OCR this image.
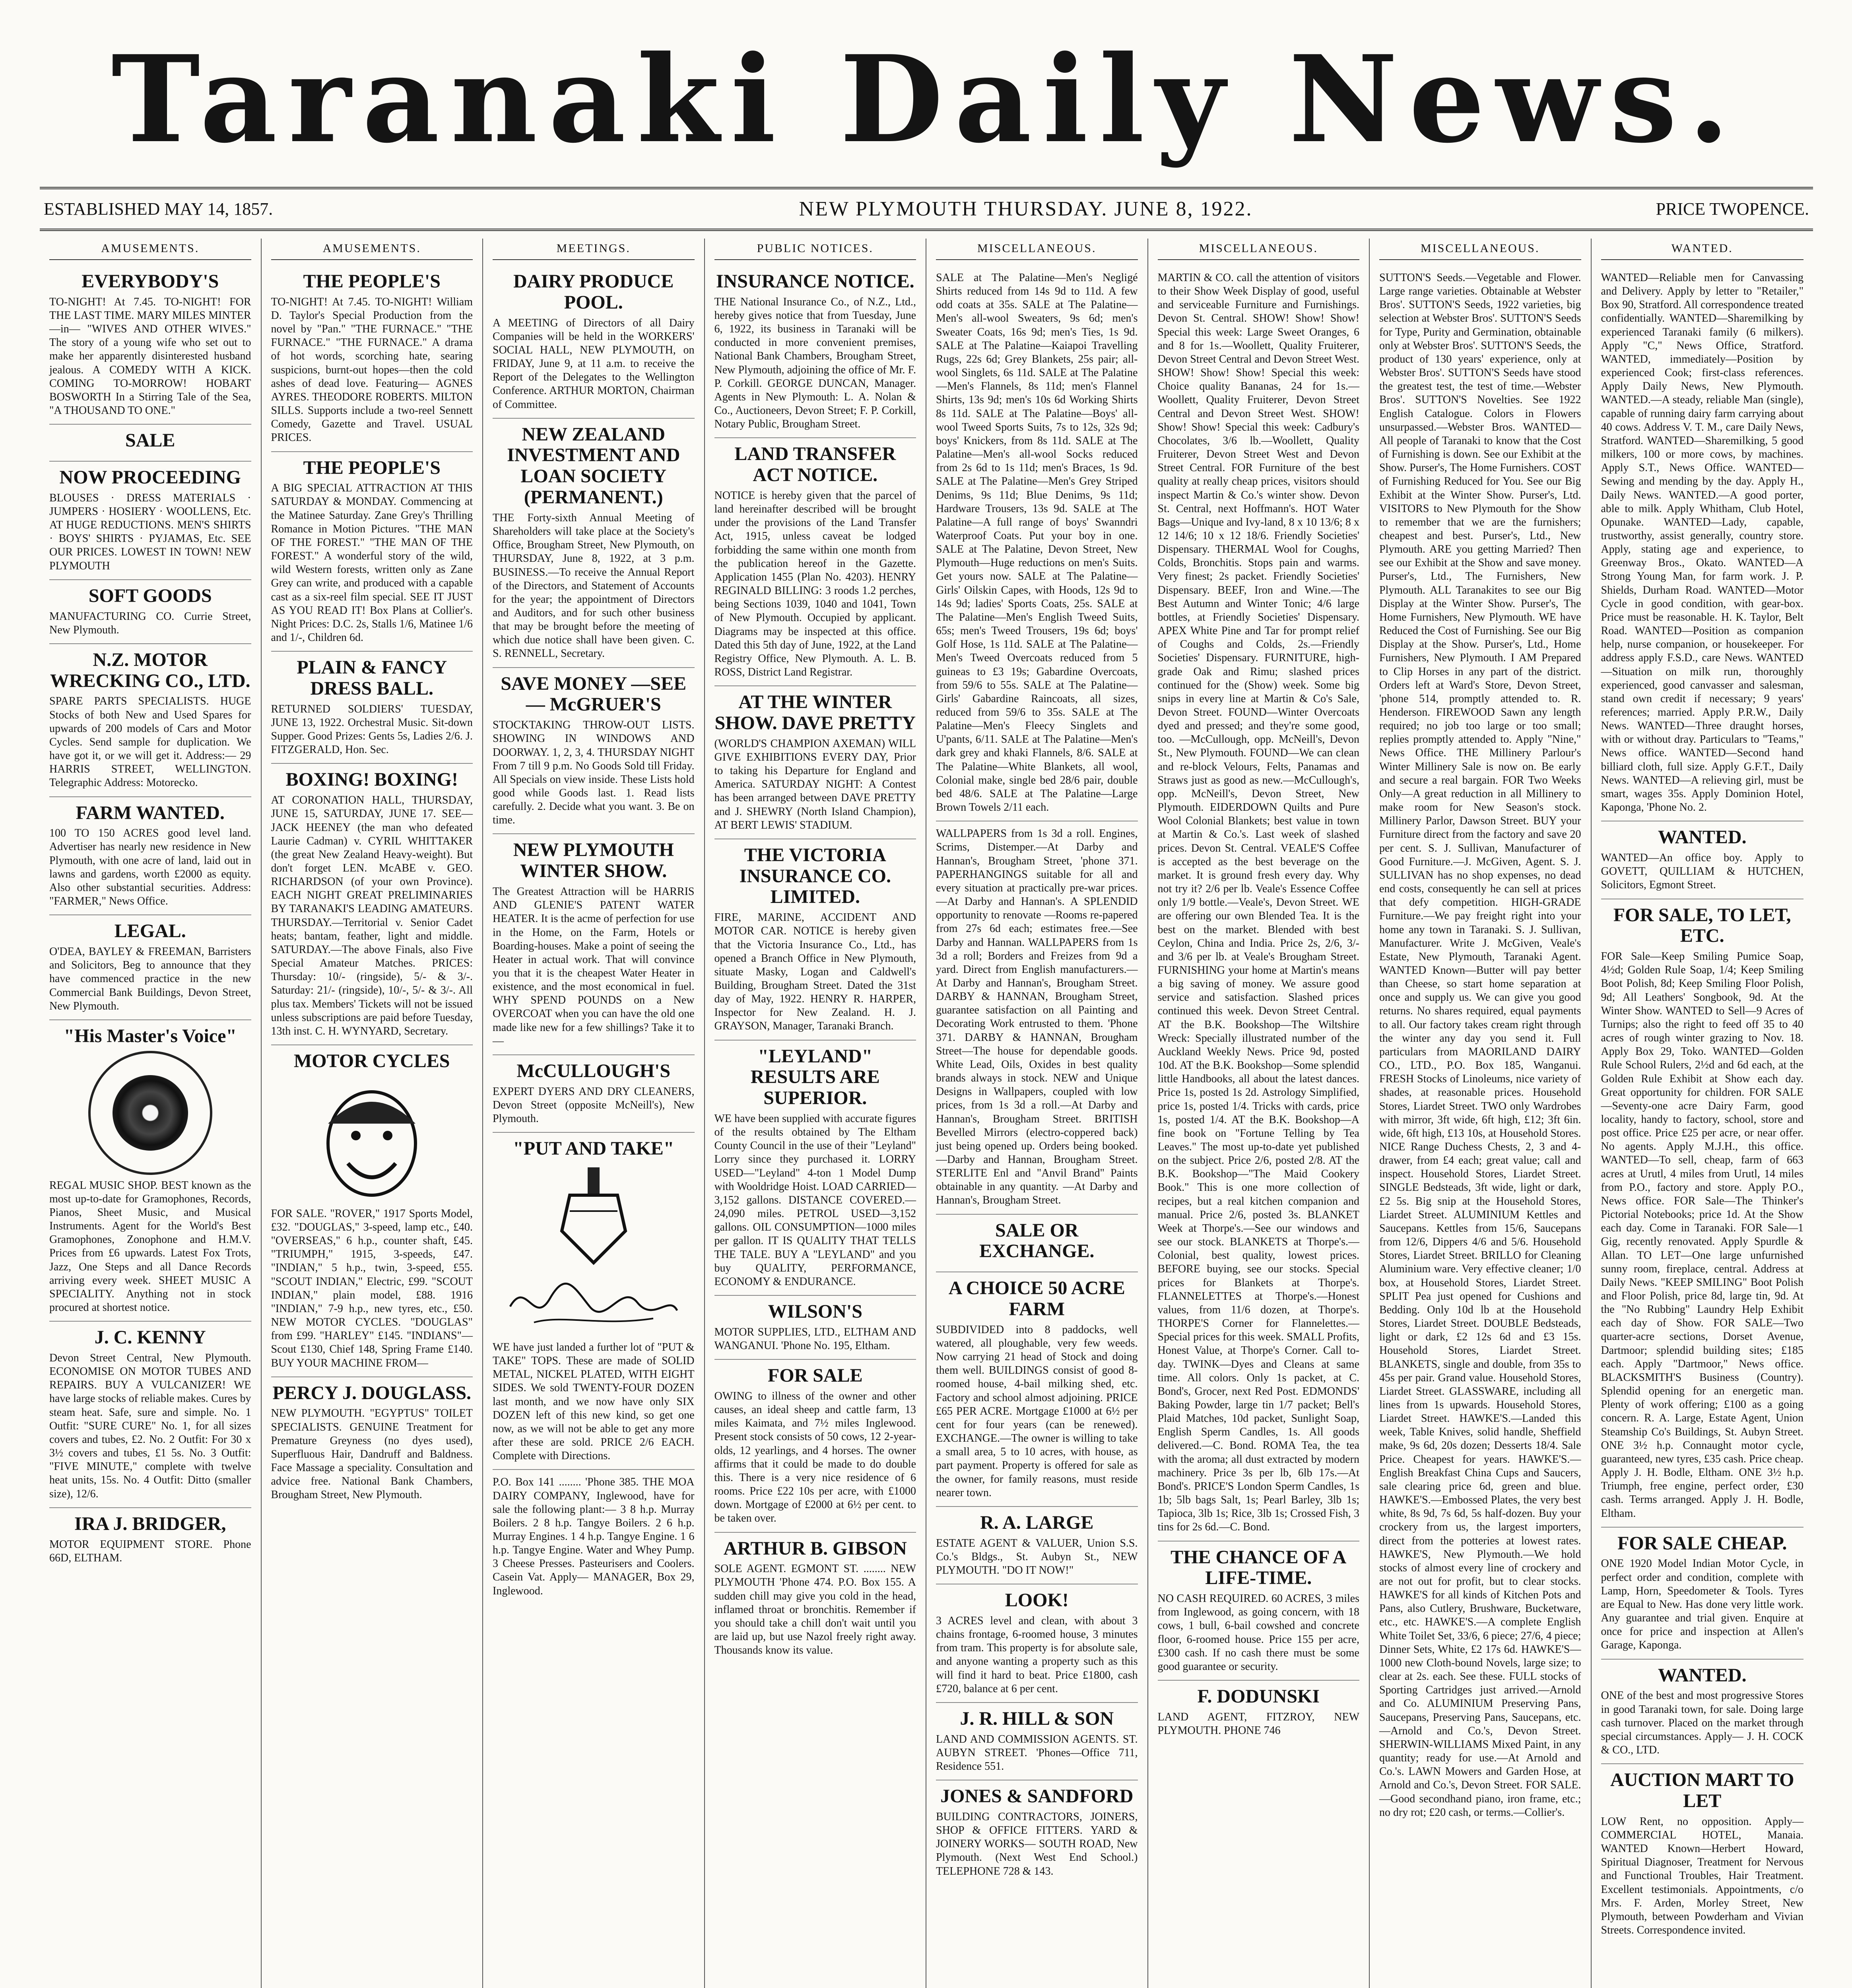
Taranaki Daily News.
ESTABLISHED MAY 14, 1857.	NEW PLYMOUTH THURSDAY. JUNE 8, 1922.	PRICE TWOPENCE.
AMUSEMENTS.
EVERYBODY'S
TO-NIGHT! At 7.45. TO-NIGHT! FOR THE LAST TIME. MARY MILES MINTER —in— "WIVES AND OTHER WIVES." The story of a young wife who set out to make her apparently disinterested husband jealous. A COMEDY WITH A KICK. COMING TO-MORROW! HOBART BOSWORTH In a Stirring Tale of the Sea, "A THOUSAND TO ONE."
SALE
NOW PROCEEDING
BLOUSES · DRESS MATERIALS · JUMPERS · HOSIERY · WOOLLENS, Etc. AT HUGE REDUCTIONS. MEN'S SHIRTS · BOYS' SHIRTS · PYJAMAS, Etc. SEE OUR PRICES. LOWEST IN TOWN! NEW PLYMOUTH
SOFT GOODS
MANUFACTURING CO. Currie Street, New Plymouth.
N.Z. MOTOR WRECKING CO., LTD.
SPARE PARTS SPECIALISTS. HUGE Stocks of both New and Used Spares for upwards of 200 models of Cars and Motor Cycles. Send sample for duplication. We have got it, or we will get it. Address:— 29 HARRIS STREET, WELLINGTON. Telegraphic Address: Motorecko.
FARM WANTED.
100 TO 150 ACRES good level land. Advertiser has nearly new residence in New Plymouth, with one acre of land, laid out in lawns and gardens, worth £2000 as equity. Also other substantial securities. Address: "FARMER," News Office.
LEGAL.
O'DEA, BAYLEY & FREEMAN, Barristers and Solicitors, Beg to announce that they have commenced practice in the new Commercial Bank Buildings, Devon Street, New Plymouth.
"His Master's Voice"
REGAL MUSIC SHOP. BEST known as the most up-to-date for Gramophones, Records, Pianos, Sheet Music, and Musical Instruments. Agent for the World's Best Gramophones, Zonophone and H.M.V. Prices from £6 upwards. Latest Fox Trots, Jazz, One Steps and all Dance Records arriving every week. SHEET MUSIC A SPECIALITY. Anything not in stock procured at shortest notice.
J. C. KENNY
Devon Street Central, New Plymouth. ECONOMISE ON MOTOR TUBES AND REPAIRS. BUY A VULCANIZER! WE have large stocks of reliable makes. Cures by steam heat. Safe, sure and simple. No. 1 Outfit: "SURE CURE" No. 1, for all sizes covers and tubes, £2. No. 2 Outfit: For 30 x 3½ covers and tubes, £1 5s. No. 3 Outfit: "FIVE MINUTE," complete with twelve heat units, 15s. No. 4 Outfit: Ditto (smaller size), 12/6.
IRA J. BRIDGER,
MOTOR EQUIPMENT STORE. Phone 66D, ELTHAM.
AMUSEMENTS.
THE PEOPLE'S
TO-NIGHT! At 7.45. TO-NIGHT! William D. Taylor's Special Production from the novel by "Pan." "THE FURNACE." "THE FURNACE." "THE FURNACE." A drama of hot words, scorching hate, searing suspicions, burnt-out hopes—then the cold ashes of dead love. Featuring— AGNES AYRES. THEODORE ROBERTS. MILTON SILLS. Supports include a two-reel Sennett Comedy, Gazette and Travel. USUAL PRICES.
THE PEOPLE'S
A BIG SPECIAL ATTRACTION AT THIS SATURDAY & MONDAY. Commencing at the Matinee Saturday. Zane Grey's Thrilling Romance in Motion Pictures. "THE MAN OF THE FOREST." "THE MAN OF THE FOREST." A wonderful story of the wild, wild Western forests, written only as Zane Grey can write, and produced with a capable cast as a six-reel film special. SEE IT JUST AS YOU READ IT! Box Plans at Collier's. Night Prices: D.C. 2s, Stalls 1/6, Matinee 1/6 and 1/-, Children 6d.
PLAIN & FANCY DRESS BALL.
RETURNED SOLDIERS' TUESDAY, JUNE 13, 1922. Orchestral Music. Sit-down Supper. Good Prizes: Gents 5s, Ladies 2/6. J. FITZGERALD, Hon. Sec.
BOXING! BOXING!
AT CORONATION HALL, THURSDAY, JUNE 15, SATURDAY, JUNE 17. SEE— JACK HEENEY (the man who defeated Laurie Cadman) v. CYRIL WHITTAKER (the great New Zealand Heavy-weight). But don't forget LEN. McABE v. GEO. RICHARDSON (of your own Province). EACH NIGHT GREAT PRELIMINARIES BY TARANAKI'S LEADING AMATEURS. THURSDAY.—Territorial v. Senior Cadet heats; bantam, feather, light and middle. SATURDAY.—The above Finals, also Five Special Amateur Matches. PRICES: Thursday: 10/- (ringside), 5/- & 3/-. Saturday: 21/- (ringside), 10/-, 5/- & 3/-. All plus tax. Members' Tickets will not be issued unless subscriptions are paid before Tuesday, 13th inst. C. H. WYNYARD, Secretary.
MOTOR CYCLES
FOR SALE. "ROVER," 1917 Sports Model, £32. "DOUGLAS," 3-speed, lamp etc., £40. "OVERSEAS," 6 h.p., counter shaft, £45. "TRIUMPH," 1915, 3-speeds, £47. "INDIAN," 5 h.p., twin, 3-speed, £55. "SCOUT INDIAN," Electric, £99. "SCOUT INDIAN," plain model, £88. 1916 "INDIAN," 7-9 h.p., new tyres, etc., £50. NEW MOTOR CYCLES. "DOUGLAS" from £99. "HARLEY" £145. "INDIANS"—Scout £130, Chief 148, Spring Frame £140. BUY YOUR MACHINE FROM—
PERCY J. DOUGLASS.
NEW PLYMOUTH. "EGYPTUS" TOILET SPECIALISTS. GENUINE Treatment for Premature Greyness (no dyes used), Superfluous Hair, Dandruff and Baldness. Face Massage a speciality. Consultation and advice free. National Bank Chambers, Brougham Street, New Plymouth.
MEETINGS.
DAIRY PRODUCE POOL.
A MEETING of Directors of all Dairy Companies will be held in the WORKERS' SOCIAL HALL, NEW PLYMOUTH, on FRIDAY, June 9, at 11 a.m. to receive the Report of the Delegates to the Wellington Conference. ARTHUR MORTON, Chairman of Committee.
NEW ZEALAND INVESTMENT AND LOAN SOCIETY (PERMANENT.)
THE Forty-sixth Annual Meeting of Shareholders will take place at the Society's Office, Brougham Street, New Plymouth, on THURSDAY, June 8, 1922, at 3 p.m. BUSINESS.—To receive the Annual Report of the Directors, and Statement of Accounts for the year; the appointment of Directors and Auditors, and for such other business that may be brought before the meeting of which due notice shall have been given. C. S. RENNELL, Secretary.
SAVE MONEY —SEE— McGRUER'S
STOCKTAKING THROW-OUT LISTS. SHOWING IN WINDOWS AND DOORWAY. 1, 2, 3, 4. THURSDAY NIGHT From 7 till 9 p.m. No Goods Sold till Friday. All Specials on view inside. These Lists hold good while Goods last. 1. Read lists carefully. 2. Decide what you want. 3. Be on time.
NEW PLYMOUTH WINTER SHOW.
The Greatest Attraction will be HARRIS AND GLENIE'S PATENT WATER HEATER. It is the acme of perfection for use in the Home, on the Farm, Hotels or Boarding-houses. Make a point of seeing the Heater in actual work. That will convince you that it is the cheapest Water Heater in existence, and the most economical in fuel. WHY SPEND POUNDS on a New OVERCOAT when you can have the old one made like new for a few shillings? Take it to—
McCULLOUGH'S
EXPERT DYERS AND DRY CLEANERS, Devon Street (opposite McNeill's), New Plymouth.
"PUT AND TAKE"
WE have just landed a further lot of "PUT & TAKE" TOPS. These are made of SOLID METAL, NICKEL PLATED, WITH EIGHT SIDES. We sold TWENTY-FOUR DOZEN last month, and we now have only SIX DOZEN left of this new kind, so get one now, as we will not be able to get any more after these are sold. PRICE 2/6 EACH. Complete with Directions.
P.O. Box 141 ........ 'Phone 385. THE MOA DAIRY COMPANY, Inglewood, have for sale the following plant:— 3 8 h.p. Murray Boilers. 2 8 h.p. Tangye Boilers. 2 6 h.p. Murray Engines. 1 4 h.p. Tangye Engine. 1 6 h.p. Tangye Engine. Water and Whey Pump. 3 Cheese Presses. Pasteurisers and Coolers. Casein Vat. Apply— MANAGER, Box 29, Inglewood.
PUBLIC NOTICES.
INSURANCE NOTICE.
THE National Insurance Co., of N.Z., Ltd., hereby gives notice that from Tuesday, June 6, 1922, its business in Taranaki will be conducted in more convenient premises, National Bank Chambers, Brougham Street, New Plymouth, adjoining the office of Mr. F. P. Corkill. GEORGE DUNCAN, Manager. Agents in New Plymouth: L. A. Nolan & Co., Auctioneers, Devon Street; F. P. Corkill, Notary Public, Brougham Street.
LAND TRANSFER ACT NOTICE.
NOTICE is hereby given that the parcel of land hereinafter described will be brought under the provisions of the Land Transfer Act, 1915, unless caveat be lodged forbidding the same within one month from the publication hereof in the Gazette. Application 1455 (Plan No. 4203). HENRY REGINALD BILLING: 3 roods 1.2 perches, being Sections 1039, 1040 and 1041, Town of New Plymouth. Occupied by applicant. Diagrams may be inspected at this office. Dated this 5th day of June, 1922, at the Land Registry Office, New Plymouth. A. L. B. ROSS, District Land Registrar.
AT THE WINTER SHOW. DAVE PRETTY
(WORLD'S CHAMPION AXEMAN) WILL GIVE EXHIBITIONS EVERY DAY, Prior to taking his Departure for England and America. SATURDAY NIGHT: A Contest has been arranged between DAVE PRETTY and J. SHEWRY (North Island Champion), AT BERT LEWIS' STADIUM.
THE VICTORIA INSURANCE CO. LIMITED.
FIRE, MARINE, ACCIDENT AND MOTOR CAR. NOTICE is hereby given that the Victoria Insurance Co., Ltd., has opened a Branch Office in New Plymouth, situate Masky, Logan and Caldwell's Building, Brougham Street. Dated the 31st day of May, 1922. HENRY R. HARPER, Inspector for New Zealand. H. J. GRAYSON, Manager, Taranaki Branch.
"LEYLAND" RESULTS ARE SUPERIOR.
WE have been supplied with accurate figures of the results obtained by The Eltham County Council in the use of their "Leyland" Lorry since they purchased it. LORRY USED—"Leyland" 4-ton 1 Model Dump with Wooldridge Hoist. LOAD CARRIED—3,152 gallons. DISTANCE COVERED.—24,090 miles. PETROL USED—3,152 gallons. OIL CONSUMPTION—1000 miles per gallon. IT IS QUALITY THAT TELLS THE TALE. BUY A "LEYLAND" and you buy QUALITY, PERFORMANCE, ECONOMY & ENDURANCE.
WILSON'S
MOTOR SUPPLIES, LTD., ELTHAM AND WANGANUI. 'Phone No. 195, Eltham.
FOR SALE
OWING to illness of the owner and other causes, an ideal sheep and cattle farm, 13 miles Kaimata, and 7½ miles Inglewood. Present stock consists of 50 cows, 12 2-year-olds, 12 yearlings, and 4 horses. The owner affirms that it could be made to do double this. There is a very nice residence of 6 rooms. Price £22 10s per acre, with £1000 down. Mortgage of £2000 at 6½ per cent. to be taken over.
ARTHUR B. GIBSON
SOLE AGENT. EGMONT ST. ........ NEW PLYMOUTH 'Phone 474. P.O. Box 155. A sudden chill may give you cold in the head, inflamed throat or bronchitis. Remember if you should take a chill don't wait until you are laid up, but use Nazol freely right away. Thousands know its value.
MISCELLANEOUS.
SALE at The Palatine—Men's Negligé Shirts reduced from 14s 9d to 11d. A few odd coats at 35s. SALE at The Palatine—Men's all-wool Sweaters, 9s 6d; men's Sweater Coats, 16s 9d; men's Ties, 1s 9d. SALE at The Palatine—Kaiapoi Travelling Rugs, 22s 6d; Grey Blankets, 25s pair; all-wool Singlets, 6s 11d. SALE at The Palatine—Men's Flannels, 8s 11d; men's Flannel Shirts, 13s 9d; men's 10s 6d Working Shirts 8s 11d. SALE at The Palatine—Boys' all-wool Tweed Sports Suits, 7s to 12s, 32s 9d; boys' Knickers, from 8s 11d. SALE at The Palatine—Men's all-wool Socks reduced from 2s 6d to 1s 11d; men's Braces, 1s 9d. SALE at The Palatine—Men's Grey Striped Denims, 9s 11d; Blue Denims, 9s 11d; Hardware Trousers, 13s 9d. SALE at The Palatine—A full range of boys' Swanndri Waterproof Coats. Put your boy in one. SALE at The Palatine, Devon Street, New Plymouth—Huge reductions on men's Suits. Get yours now. SALE at The Palatine—Girls' Oilskin Capes, with Hoods, 12s 9d to 14s 9d; ladies' Sports Coats, 25s. SALE at The Palatine—Men's English Tweed Suits, 65s; men's Tweed Trousers, 19s 6d; boys' Golf Hose, 1s 11d. SALE at The Palatine—Men's Tweed Overcoats reduced from 5 guineas to £3 19s; Gabardine Overcoats, from 59/6 to 55s. SALE at The Palatine—Girls' Gabardine Raincoats, all sizes, reduced from 59/6 to 35s. SALE at The Palatine—Men's Fleecy Singlets and U'pants, 6/11. SALE at The Palatine—Men's dark grey and khaki Flannels, 8/6. SALE at The Palatine—White Blankets, all wool, Colonial make, single bed 28/6 pair, double bed 48/6. SALE at The Palatine—Large Brown Towels 2/11 each.
WALLPAPERS from 1s 3d a roll. Engines, Scrims, Distemper.—At Darby and Hannan's, Brougham Street, 'phone 371. PAPERHANGINGS suitable for all and every situation at practically pre-war prices.—At Darby and Hannan's. A SPLENDID opportunity to renovate —Rooms re-papered from 27s 6d each; estimates free.—See Darby and Hannan. WALLPAPERS from 1s 3d a roll; Borders and Freizes from 9d a yard. Direct from English manufacturers.—At Darby and Hannan's, Brougham Street. DARBY & HANNAN, Brougham Street, guarantee satisfaction on all Painting and Decorating Work entrusted to them. 'Phone 371. DARBY & HANNAN, Brougham Street—The house for dependable goods. White Lead, Oils, Oxides in best quality brands always in stock. NEW and Unique Designs in Wallpapers, coupled with low prices, from 1s 3d a roll.—At Darby and Hannan's, Brougham Street. BRITISH Bevelled Mirrors (electro-coppered back) just being opened up. Orders being booked.—Darby and Hannan, Brougham Street. STERLITE Enl and "Anvil Brand" Paints obtainable in any quantity. —At Darby and Hannan's, Brougham Street.
SALE OR EXCHANGE.
A CHOICE 50 ACRE FARM
SUBDIVIDED into 8 paddocks, well watered, all ploughable, very few weeds. Now carrying 21 head of Stock and doing them well. BUILDINGS consist of good 8-roomed house, 4-bail milking shed, etc. Factory and school almost adjoining. PRICE £65 PER ACRE. Mortgage £1000 at 6½ per cent for four years (can be renewed). EXCHANGE.—The owner is willing to take a small area, 5 to 10 acres, with house, as part payment. Property is offered for sale as the owner, for family reasons, must reside nearer town.
R. A. LARGE
ESTATE AGENT & VALUER, Union S.S. Co.'s Bldgs., St. Aubyn St., NEW PLYMOUTH. "DO IT NOW!"
LOOK!
3 ACRES level and clean, with about 3 chains frontage, 6-roomed house, 3 minutes from tram. This property is for absolute sale, and anyone wanting a property such as this will find it hard to beat. Price £1800, cash £720, balance at 6 per cent.
J. R. HILL & SON
LAND AND COMMISSION AGENTS. ST. AUBYN STREET. 'Phones—Office 711, Residence 551.
JONES & SANDFORD
BUILDING CONTRACTORS, JOINERS, SHOP & OFFICE FITTERS. YARD & JOINERY WORKS— SOUTH ROAD, New Plymouth. (Next West End School.) TELEPHONE 728 & 143.
MISCELLANEOUS.
MARTIN & CO. call the attention of visitors to their Show Week Display of good, useful and serviceable Furniture and Furnishings. Devon St. Central. SHOW! Show! Show! Special this week: Large Sweet Oranges, 6 and 8 for 1s.—Woollett, Quality Fruiterer, Devon Street Central and Devon Street West. SHOW! Show! Show! Special this week: Choice quality Bananas, 24 for 1s.—Woollett, Quality Fruiterer, Devon Street Central and Devon Street West. SHOW! Show! Show! Special this week: Cadbury's Chocolates, 3/6 lb.—Woollett, Quality Fruiterer, Devon Street West and Devon Street Central. FOR Furniture of the best quality at really cheap prices, visitors should inspect Martin & Co.'s winter show. Devon St. Central, next Hoffmann's. HOT Water Bags—Unique and Ivy-land, 8 x 10 13/6; 8 x 12 14/6; 10 x 12 18/6. Friendly Societies' Dispensary. THERMAL Wool for Coughs, Colds, Bronchitis. Stops pain and warms. Very finest; 2s packet. Friendly Societies' Dispensary. BEEF, Iron and Wine.—The Best Autumn and Winter Tonic; 4/6 large bottles, at Friendly Societies' Dispensary. APEX White Pine and Tar for prompt relief of Coughs and Colds, 2s.—Friendly Societies' Dispensary. FURNITURE, high-grade Oak and Rimu; slashed prices continued for the (Show) week. Some big snips in every line at Martin & Co's Sale, Devon Street. FOUND—Winter Overcoats dyed and pressed; and they're some good, too. —McCullough, opp. McNeill's, Devon St., New Plymouth. FOUND—We can clean and re-block Velours, Felts, Panamas and Straws just as good as new.—McCullough's, opp. McNeill's, Devon Street, New Plymouth. EIDERDOWN Quilts and Pure Wool Colonial Blankets; best value in town at Martin & Co.'s. Last week of slashed prices. Devon St. Central. VEALE'S Coffee is accepted as the best beverage on the market. It is ground fresh every day. Why not try it? 2/6 per lb. Veale's Essence Coffee only 1/9 bottle.—Veale's, Devon Street. WE are offering our own Blended Tea. It is the best on the market. Blended with best Ceylon, China and India. Price 2s, 2/6, 3/- and 3/6 per lb. at Veale's Brougham Street. FURNISHING your home at Martin's means a big saving of money. We assure good service and satisfaction. Slashed prices continued this week. Devon Street Central. AT the B.K. Bookshop—The Wiltshire Wreck: Specially illustrated number of the Auckland Weekly News. Price 9d, posted 10d. AT the B.K. Bookshop—Some splendid little Handbooks, all about the latest dances. Price 1s, posted 1s 2d. Astrology Simplified, price 1s, posted 1/4. Tricks with cards, price 1s, posted 1/4. AT the B.K. Bookshop—A fine book on "Fortune Telling by Tea Leaves." The most up-to-date yet published on the subject. Price 2/6, posted 2/8. AT the B.K. Bookshop—"The Maid Cookery Book." This is one more collection of recipes, but a real kitchen companion and manual. Price 2/6, posted 3s. BLANKET Week at Thorpe's.—See our windows and see our stock. BLANKETS at Thorpe's.—Colonial, best quality, lowest prices. BEFORE buying, see our stocks. Special prices for Blankets at Thorpe's. FLANNELETTES at Thorpe's.—Honest values, from 11/6 dozen, at Thorpe's. THORPE'S Corner for Flannelettes.—Special prices for this week. SMALL Profits, Honest Value, at Thorpe's Corner. Call to-day. TWINK—Dyes and Cleans at same time. All colors. Only 1s packet, at C. Bond's, Grocer, next Red Post. EDMONDS' Baking Powder, large tin 1/7 packet; Bell's Plaid Matches, 10d packet, Sunlight Soap, English Sperm Candles, 1s. All goods delivered.—C. Bond. ROMA Tea, the tea with the aroma; all dust extracted by modern machinery. Price 3s per lb, 6lb 17s.—At Bond's. PRICE'S London Sperm Candles, 1s 1b; 5lb bags Salt, 1s; Pearl Barley, 3lb 1s; Tapioca, 3lb 1s; Rice, 3lb 1s; Crossed Fish, 3 tins for 2s 6d.—C. Bond.
THE CHANCE OF A LIFE-TIME.
NO CASH REQUIRED. 60 ACRES, 3 miles from Inglewood, as going concern, with 18 cows, 1 bull, 6-bail cowshed and concrete floor, 6-roomed house. Price 155 per acre, £300 cash. If no cash there must be some good guarantee or security.
F. DODUNSKI
LAND AGENT, FITZROY, NEW PLYMOUTH. PHONE 746
MISCELLANEOUS.
SUTTON'S Seeds.—Vegetable and Flower. Large range varieties. Obtainable at Webster Bros'. SUTTON'S Seeds, 1922 varieties, big selection at Webster Bros'. SUTTON'S Seeds for Type, Purity and Germination, obtainable only at Webster Bros'. SUTTON'S Seeds, the product of 130 years' experience, only at Webster Bros'. SUTTON'S Seeds have stood the greatest test, the test of time.—Webster Bros'. SUTTON'S Novelties. See 1922 English Catalogue. Colors in Flowers unsurpassed.—Webster Bros. WANTED—All people of Taranaki to know that the Cost of Furnishing is down. See our Exhibit at the Show. Purser's, The Home Furnishers. COST of Furnishing Reduced for You. See our Big Exhibit at the Winter Show. Purser's, Ltd. VISITORS to New Plymouth for the Show to remember that we are the furnishers; cheapest and best. Purser's, Ltd., New Plymouth. ARE you getting Married? Then see our Exhibit at the Show and save money. Purser's, Ltd., The Furnishers, New Plymouth. ALL Taranakites to see our Big Display at the Winter Show. Purser's, The Home Furnishers, New Plymouth. WE have Reduced the Cost of Furnishing. See our Big Display at the Show. Purser's, Ltd., Home Furnishers, New Plymouth. I AM Prepared to Clip Horses in any part of the district. Orders left at Ward's Store, Devon Street, 'phone 514, promptly attended to. R. Henderson. FIREWOOD Sawn any length required; no job too large or too small; replies promptly attended to. Apply "Nine," News Office. THE Millinery Parlour's Winter Millinery Sale is now on. Be early and secure a real bargain. FOR Two Weeks Only—A great reduction in all Millinery to make room for New Season's stock. Millinery Parlor, Dawson Street. BUY your Furniture direct from the factory and save 20 per cent. S. J. Sullivan, Manufacturer of Good Furniture.—J. McGiven, Agent. S. J. SULLIVAN has no shop expenses, no dead end costs, consequently he can sell at prices that defy competition. HIGH-GRADE Furniture.—We pay freight right into your home any town in Taranaki. S. J. Sullivan, Manufacturer. Write J. McGiven, Veale's Estate, New Plymouth, Taranaki Agent. WANTED Known—Butter will pay better than Cheese, so start home separation at once and supply us. We can give you good returns. No shares required, equal payments to all. Our factory takes cream right through the winter any day you send it. Full particulars from MAORILAND DAIRY CO., LTD., P.O. Box 185, Wanganui. FRESH Stocks of Linoleums, nice variety of shades, at reasonable prices. Household Stores, Liardet Street. TWO only Wardrobes with mirror, 3ft wide, 6ft high, £12; 3ft 6in. wide, 6ft high, £13 10s, at Household Stores. NICE Range Duchess Chests, 2, 3 and 4-drawer, from £4 each; great value; call and inspect. Household Stores, Liardet Street. SINGLE Bedsteads, 3ft wide, light or dark, £2 5s. Big snip at the Household Stores, Liardet Street. ALUMINIUM Kettles and Saucepans. Kettles from 15/6, Saucepans from 12/6, Dippers 4/6 and 5/6. Household Stores, Liardet Street. BRILLO for Cleaning Aluminium ware. Very effective cleaner; 1/0 box, at Household Stores, Liardet Street. SPLIT Pea just opened for Cushions and Bedding. Only 10d lb at the Household Stores, Liardet Street. DOUBLE Bedsteads, light or dark, £2 12s 6d and £3 15s. Household Stores, Liardet Street. BLANKETS, single and double, from 35s to 45s per pair. Grand value. Household Stores, Liardet Street. GLASSWARE, including all lines from 1s upwards. Household Stores, Liardet Street. HAWKE'S.—Landed this week, Table Knives, solid handle, Sheffield make, 9s 6d, 20s dozen; Desserts 18/4. Sale Price. Cheapest for years. HAWKE'S.—English Breakfast China Cups and Saucers, sale clearing price 6d, green and blue. HAWKE'S.—Embossed Plates, the very best white, 8s 9d, 7s 6d, 5s half-dozen. Buy your crockery from us, the largest importers, direct from the potteries at lowest rates. HAWKE'S, New Plymouth.—We hold stocks of almost every line of crockery and are not out for profit, but to clear stocks. HAWKE'S for all kinds of Kitchen Pots and Pans, also Cutlery, Brushware, Bucketware, etc., etc. HAWKE'S.—A complete English White Toilet Set, 33/6, 6 piece; 27/6, 4 piece; Dinner Sets, White, £2 17s 6d. HAWKE'S—1000 new Cloth-bound Novels, large size; to clear at 2s. each. See these. FULL stocks of Sporting Cartridges just arrived.—Arnold and Co. ALUMINIUM Preserving Pans, Saucepans, Preserving Pans, Saucepans, etc.—Arnold and Co.'s, Devon Street. SHERWIN-WILLIAMS Mixed Paint, in any quantity; ready for use.—At Arnold and Co.'s. LAWN Mowers and Garden Hose, at Arnold and Co.'s, Devon Street. FOR SALE.—Good secondhand piano, iron frame, etc.; no dry rot; £20 cash, or terms.—Collier's.
WANTED.
WANTED—Reliable men for Canvassing and Delivery. Apply by letter to "Retailer," Box 90, Stratford. All correspondence treated confidentially. WANTED—Sharemilking by experienced Taranaki family (6 milkers). Apply "C," News Office, Stratford. WANTED, immediately—Position by experienced Cook; first-class references. Apply Daily News, New Plymouth. WANTED.—A steady, reliable Man (single), capable of running dairy farm carrying about 40 cows. Address V. T. M., care Daily News, Stratford. WANTED—Sharemilking, 5 good milkers, 100 or more cows, by machines. Apply S.T., News Office. WANTED—Sewing and mending by the day. Apply H., Daily News. WANTED.—A good porter, able to milk. Apply Whitham, Club Hotel, Opunake. WANTED—Lady, capable, trustworthy, assist generally, country store. Apply, stating age and experience, to Greenway Bros., Okato. WANTED—A Strong Young Man, for farm work. J. P. Shields, Durham Road. WANTED—Motor Cycle in good condition, with gear-box. Price must be reasonable. H. K. Taylor, Belt Road. WANTED—Position as companion help, nurse companion, or housekeeper. For address apply F.S.D., care News. WANTED—Situation on milk run, thoroughly experienced, good canvasser and salesman, stand own credit if necessary; 9 years' references; married. Apply P.R.W., Daily News. WANTED—Three draught horses, with or without dray. Particulars to "Teams," News office. WANTED—Second hand billiard cloth, full size. Apply G.F.T., Daily News. WANTED—A relieving girl, must be smart, wages 35s. Apply Dominion Hotel, Kaponga, 'Phone No. 2.
WANTED.
WANTED—An office boy. Apply to GOVETT, QUILLIAM & HUTCHEN, Solicitors, Egmont Street.
FOR SALE, TO LET, ETC.
FOR Sale—Keep Smiling Pumice Soap, 4½d; Golden Rule Soap, 1/4; Keep Smiling Boot Polish, 8d; Keep Smiling Floor Polish, 9d; All Leathers' Songbook, 9d. At the Winter Show. WANTED to Sell—9 Acres of Turnips; also the right to feed off 35 to 40 acres of rough winter grazing to Nov. 18. Apply Box 29, Toko. WANTED—Golden Rule School Rulers, 2½d and 6d each, at the Golden Rule Exhibit at Show each day. Great opportunity for children. FOR SALE—Seventy-one acre Dairy Farm, good locality, handy to factory, school, store and post office. Price £25 per acre, or near offer. No agents. Apply M.J.H., this office. WANTED—To sell, cheap, farm of 663 acres at Urutl, 4 miles from Urutl, 14 miles from P.O., factory and store. Apply P.O., News office. FOR Sale—The Thinker's Pictorial Notebooks; price 1d. At the Show each day. Come in Taranaki. FOR Sale—1 Gig, recently renovated. Apply Spurdle & Allan. TO LET—One large unfurnished sunny room, fireplace, central. Address at Daily News. "KEEP SMILING" Boot Polish and Floor Polish, price 8d, large tin, 9d. At the "No Rubbing" Laundry Help Exhibit each day of Show. FOR SALE—Two quarter-acre sections, Dorset Avenue, Dartmoor; splendid building sites; £185 each. Apply "Dartmoor," News office. BLACKSMITH'S Business (Country). Splendid opening for an energetic man. Plenty of work offering; £100 as a going concern. R. A. Large, Estate Agent, Union Steamship Co's Buildings, St. Aubyn Street. ONE 3½ h.p. Connaught motor cycle, guaranteed, new tyres, £35 cash. Price cheap. Apply J. H. Bodle, Eltham. ONE 3½ h.p. Triumph, free engine, perfect order, £30 cash. Terms arranged. Apply J. H. Bodle, Eltham.
FOR SALE CHEAP.
ONE 1920 Model Indian Motor Cycle, in perfect order and condition, complete with Lamp, Horn, Speedometer & Tools. Tyres are Equal to New. Has done very little work. Any guarantee and trial given. Enquire at once for price and inspection at Allen's Garage, Kaponga.
WANTED.
ONE of the best and most progressive Stores in good Taranaki town, for sale. Doing large cash turnover. Placed on the market through special circumstances. Apply— J. H. COCK & CO., LTD.
AUCTION MART TO LET
LOW Rent, no opposition. Apply— COMMERCIAL HOTEL, Manaia. WANTED Known—Herbert Howard, Spiritual Diagnoser, Treatment for Nervous and Functional Troubles, Hair Treatment. Excellent testimonials. Appointments, c/o Mrs. F. Arden, Morley Street, New Plymouth, between Powderham and Vivian Streets. Correspondence invited.
